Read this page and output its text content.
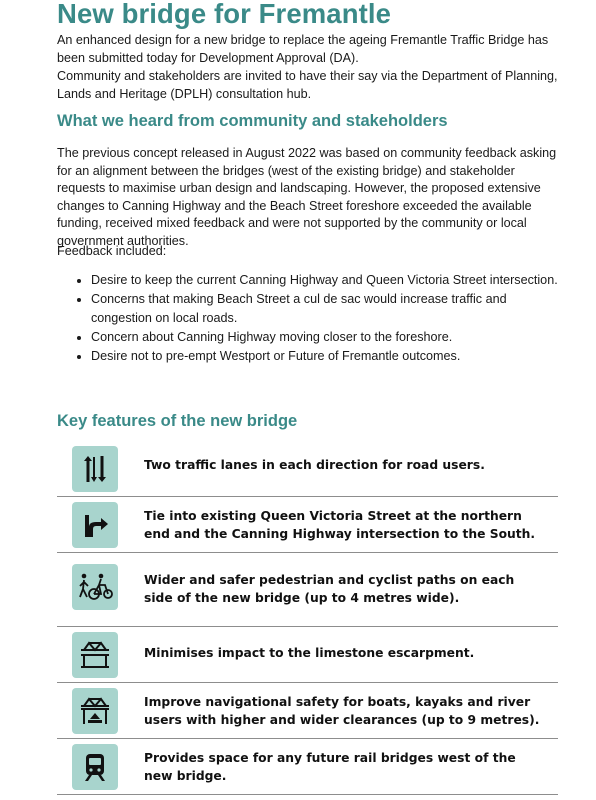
New bridge for Fremantle

An enhanced design for a new bridge to replace the ageing Fremantle Traffic Bridge has been submitted today for Development Approval (DA).

Community and stakeholders are invited to have their say via the Department of Planning, Lands and Heritage (DPLH) consultation hub.

What we heard from community and stakeholders

The previous concept released in August 2022 was based on community feedback asking for an alignment between the bridges (west of the existing bridge) and stakeholder requests to maximise urban design and landscaping. However, the proposed extensive changes to Canning Highway and the Beach Street foreshore exceeded the available funding, received mixed feedback and were not supported by the community or local government authorities.

Feedback included:

• Desire to keep the current Canning Highway and Queen Victoria Street intersection.
• Concerns that making Beach Street a cul de sac would increase traffic and congestion on local roads.
• Concern about Canning Highway moving closer to the foreshore.
• Desire not to pre-empt Westport or Future of Fremantle outcomes.
Key features of the new bridge
Two traffic lanes in each direction for road users.
Tie into existing Queen Victoria Street at the northern end and the Canning Highway intersection to the South.
Wider and safer pedestrian and cyclist paths on each side of the new bridge (up to 4 metres wide).
Minimises impact to the limestone escarpment.
Improve navigational safety for boats, kayaks and river users with higher and wider clearances (up to 9 metres).
Provides space for any future rail bridges west of the new bridge.
